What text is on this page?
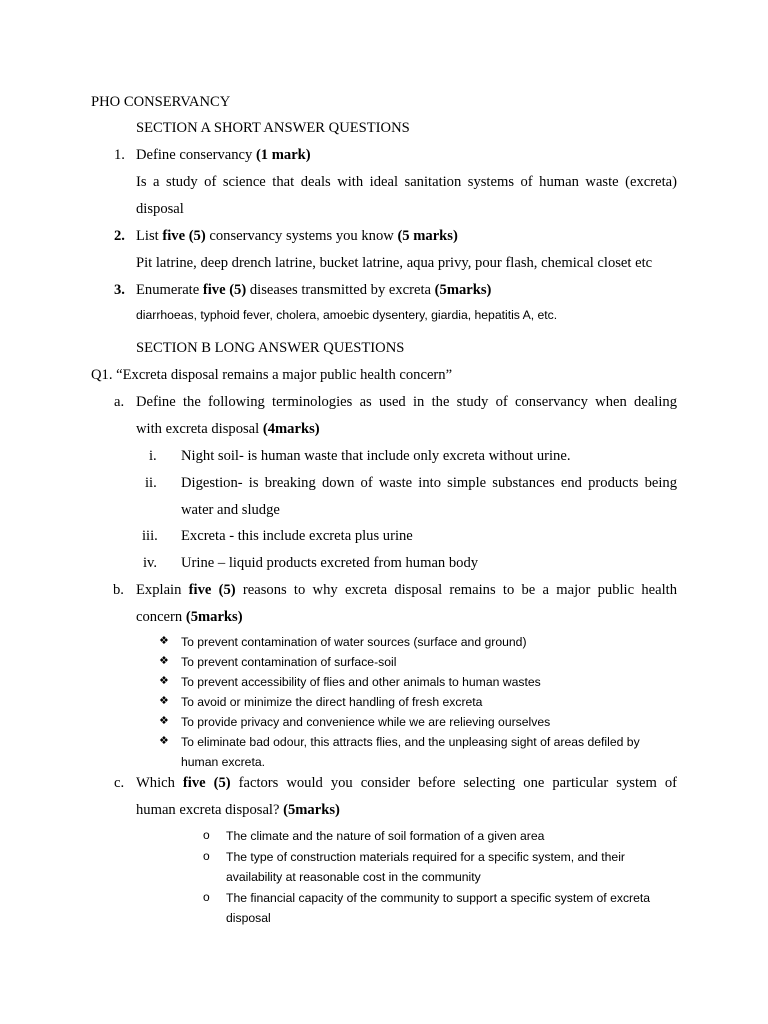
PHO CONSERVANCY
SECTION A SHORT ANSWER QUESTIONS
1. Define conservancy (1 mark)
Is a study of science that deals with ideal sanitation systems of human waste (excreta)
disposal
2. List five (5) conservancy systems you know (5 marks)
Pit latrine, deep drench latrine, bucket latrine, aqua privy, pour flash, chemical closet etc
3. Enumerate five (5) diseases transmitted by excreta (5marks)
diarrhoeas, typhoid fever, cholera, amoebic dysentery, giardia, hepatitis A, etc.
SECTION B LONG ANSWER QUESTIONS
Q1. “Excreta disposal remains a major public health concern”
a. Define the following terminologies as used in the study of conservancy when dealing
with excreta disposal (4marks)
i. Night soil- is human waste that include only excreta without urine.
ii. Digestion- is breaking down of waste into simple substances end products being
water and sludge
iii. Excreta - this include excreta plus urine
iv. Urine – liquid products excreted from human body
b. Explain five (5) reasons to why excreta disposal remains to be a major public health
concern (5marks)
❖ To prevent contamination of water sources (surface and ground)
❖ To prevent contamination of surface-soil
❖ To prevent accessibility of flies and other animals to human wastes
❖ To avoid or minimize the direct handling of fresh excreta
❖ To provide privacy and convenience while we are relieving ourselves
❖ To eliminate bad odour, this attracts flies, and the unpleasing sight of areas defiled by
human excreta.
c. Which five (5) factors would you consider before selecting one particular system of
human excreta disposal? (5marks)
o The climate and the nature of soil formation of a given area
o The type of construction materials required for a specific system, and their
availability at reasonable cost in the community
o The financial capacity of the community to support a specific system of excreta
disposal
